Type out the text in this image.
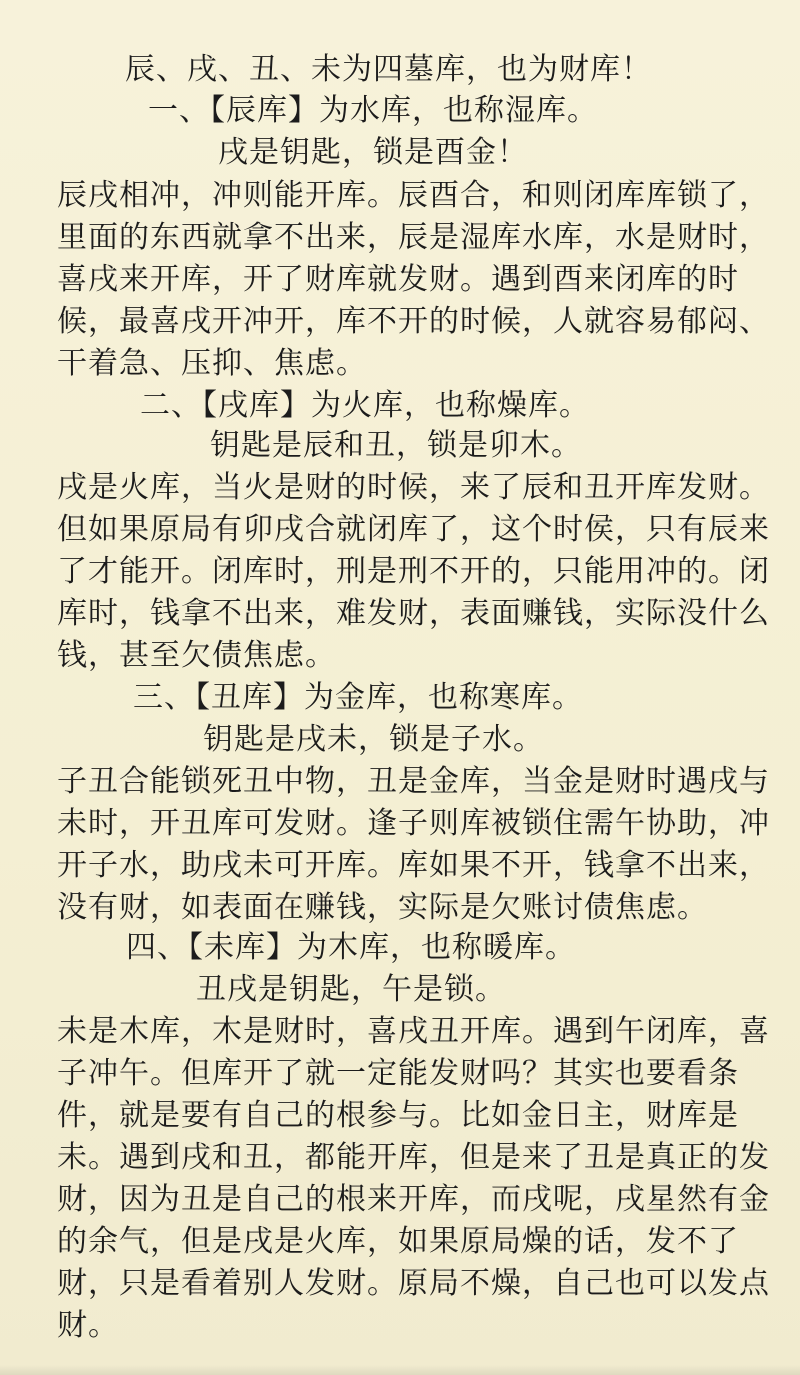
辰、戌、丑、未为四墓库，也为财库！
一、【辰库】为水库，也称湿库。
戌是钥匙，锁是酉金！
辰戌相冲，冲则能开库。辰酉合，和则闭库库锁了，
里面的东西就拿不出来，辰是湿库水库，水是财时，
喜戌来开库，开了财库就发财。遇到酉来闭库的时
候，最喜戌开冲开，库不开的时候，人就容易郁闷、
干着急、压抑、焦虑。
二、【戌库】为火库，也称燥库。
钥匙是辰和丑，锁是卯木。
戌是火库，当火是财的时候，来了辰和丑开库发财。
但如果原局有卯戌合就闭库了，这个时侯，只有辰来
了才能开。闭库时，刑是刑不开的，只能用冲的。闭
库时，钱拿不出来，难发财，表面赚钱，实际没什么
钱，甚至欠债焦虑。
三、【丑库】为金库，也称寒库。
钥匙是戌未，锁是子水。
子丑合能锁死丑中物，丑是金库，当金是财时遇戌与
未时，开丑库可发财。逢子则库被锁住需午协助，冲
开子水，助戌未可开库。库如果不开，钱拿不出来，
没有财，如表面在赚钱，实际是欠账讨债焦虑。
四、【未库】为木库，也称暖库。
丑戌是钥匙，午是锁。
未是木库，木是财时，喜戌丑开库。遇到午闭库，喜
子冲午。但库开了就一定能发财吗？其实也要看条
件，就是要有自己的根参与。比如金日主，财库是
未。遇到戌和丑，都能开库，但是来了丑是真正的发
财，因为丑是自己的根来开库，而戌呢，戌星然有金
的余气，但是戌是火库，如果原局燥的话，发不了
财，只是看着别人发财。原局不燥，自己也可以发点
财。
